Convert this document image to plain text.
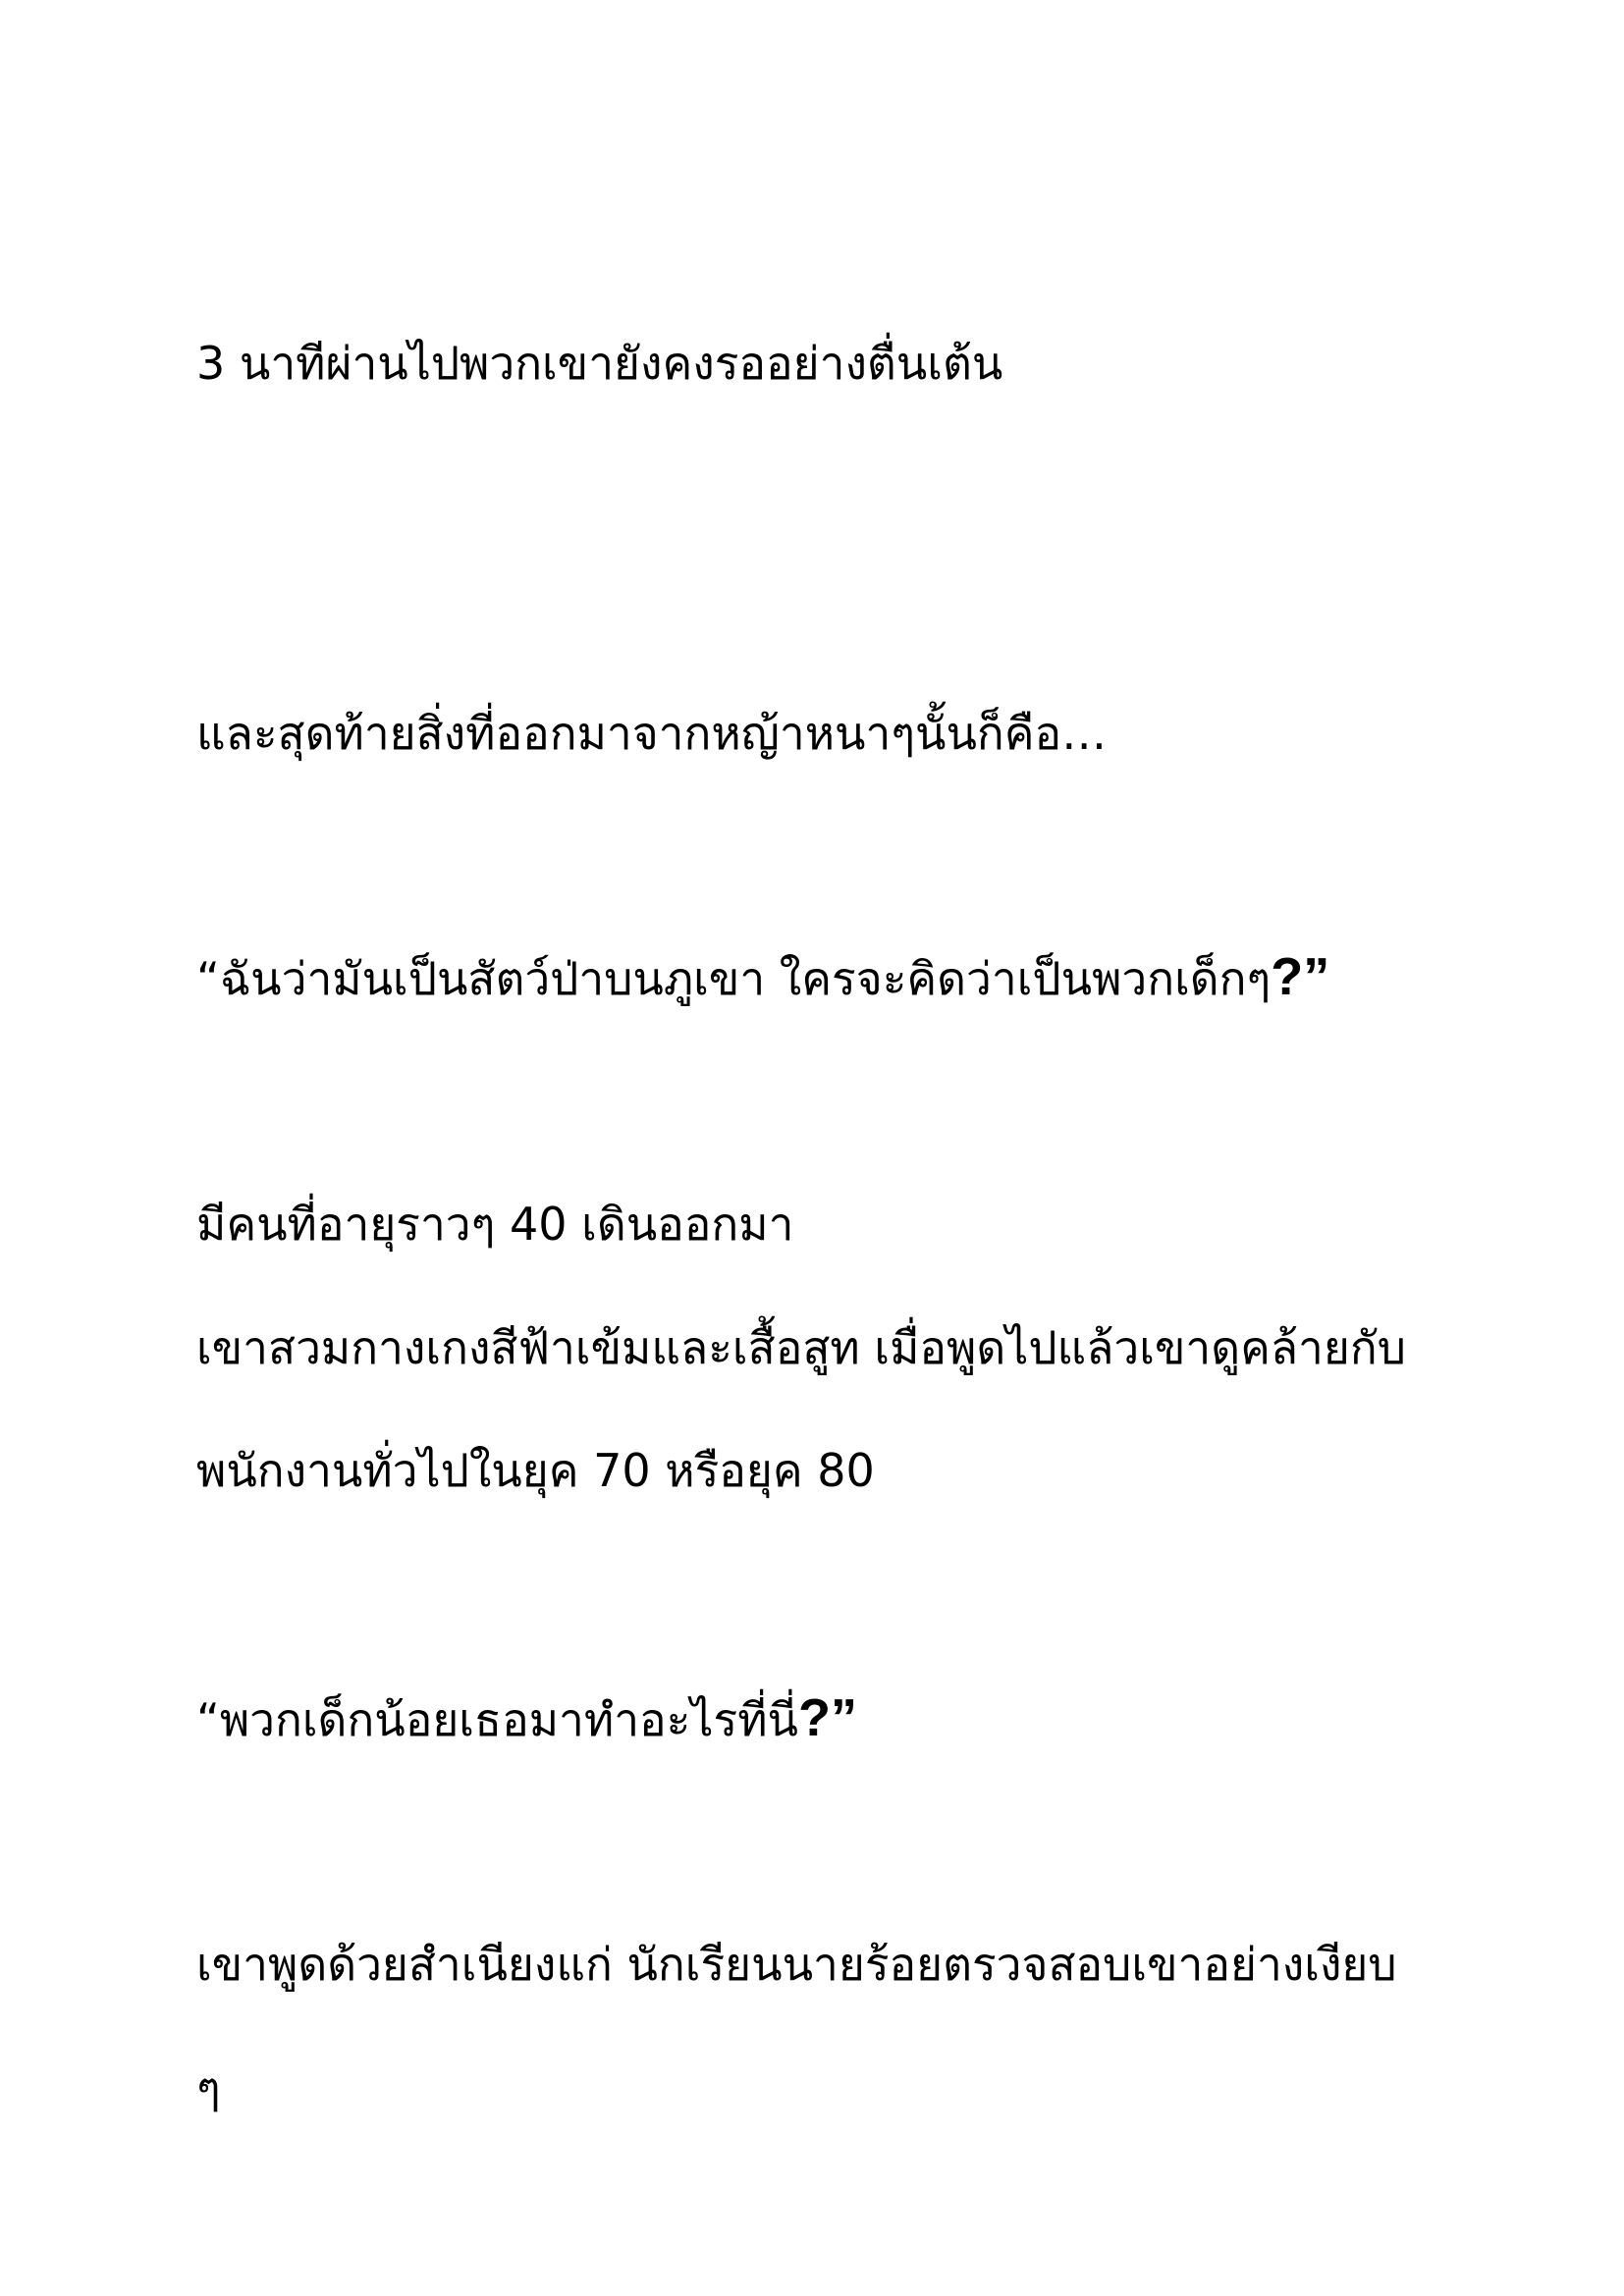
3 นาทีผ่านไปพวกเขายังคงรออย่างตื่นเต้น

และสุดท้ายสิ่งที่ออกมาจากหญ้าหนาๆนั้นก็คือ…

“ฉันว่ามันเป็นสัตว์ป่าบนภูเขา ใครจะคิดว่าเป็นพวกเด็กๆ?”

มีคนที่อายุราวๆ 40 เดินออกมา

เขาสวมกางเกงสีฟ้าเข้มและเสื้อสูท เมื่อพูดไปแล้วเขาดูคล้ายกับ

พนักงานทั่วไปในยุค 70 หรือยุค 80

“พวกเด็กน้อยเธอมาทำอะไรที่นี่?”

เขาพูดด้วยสำเนียงแก่ นักเรียนนายร้อยตรวจสอบเขาอย่างเงียบ

ๆ
